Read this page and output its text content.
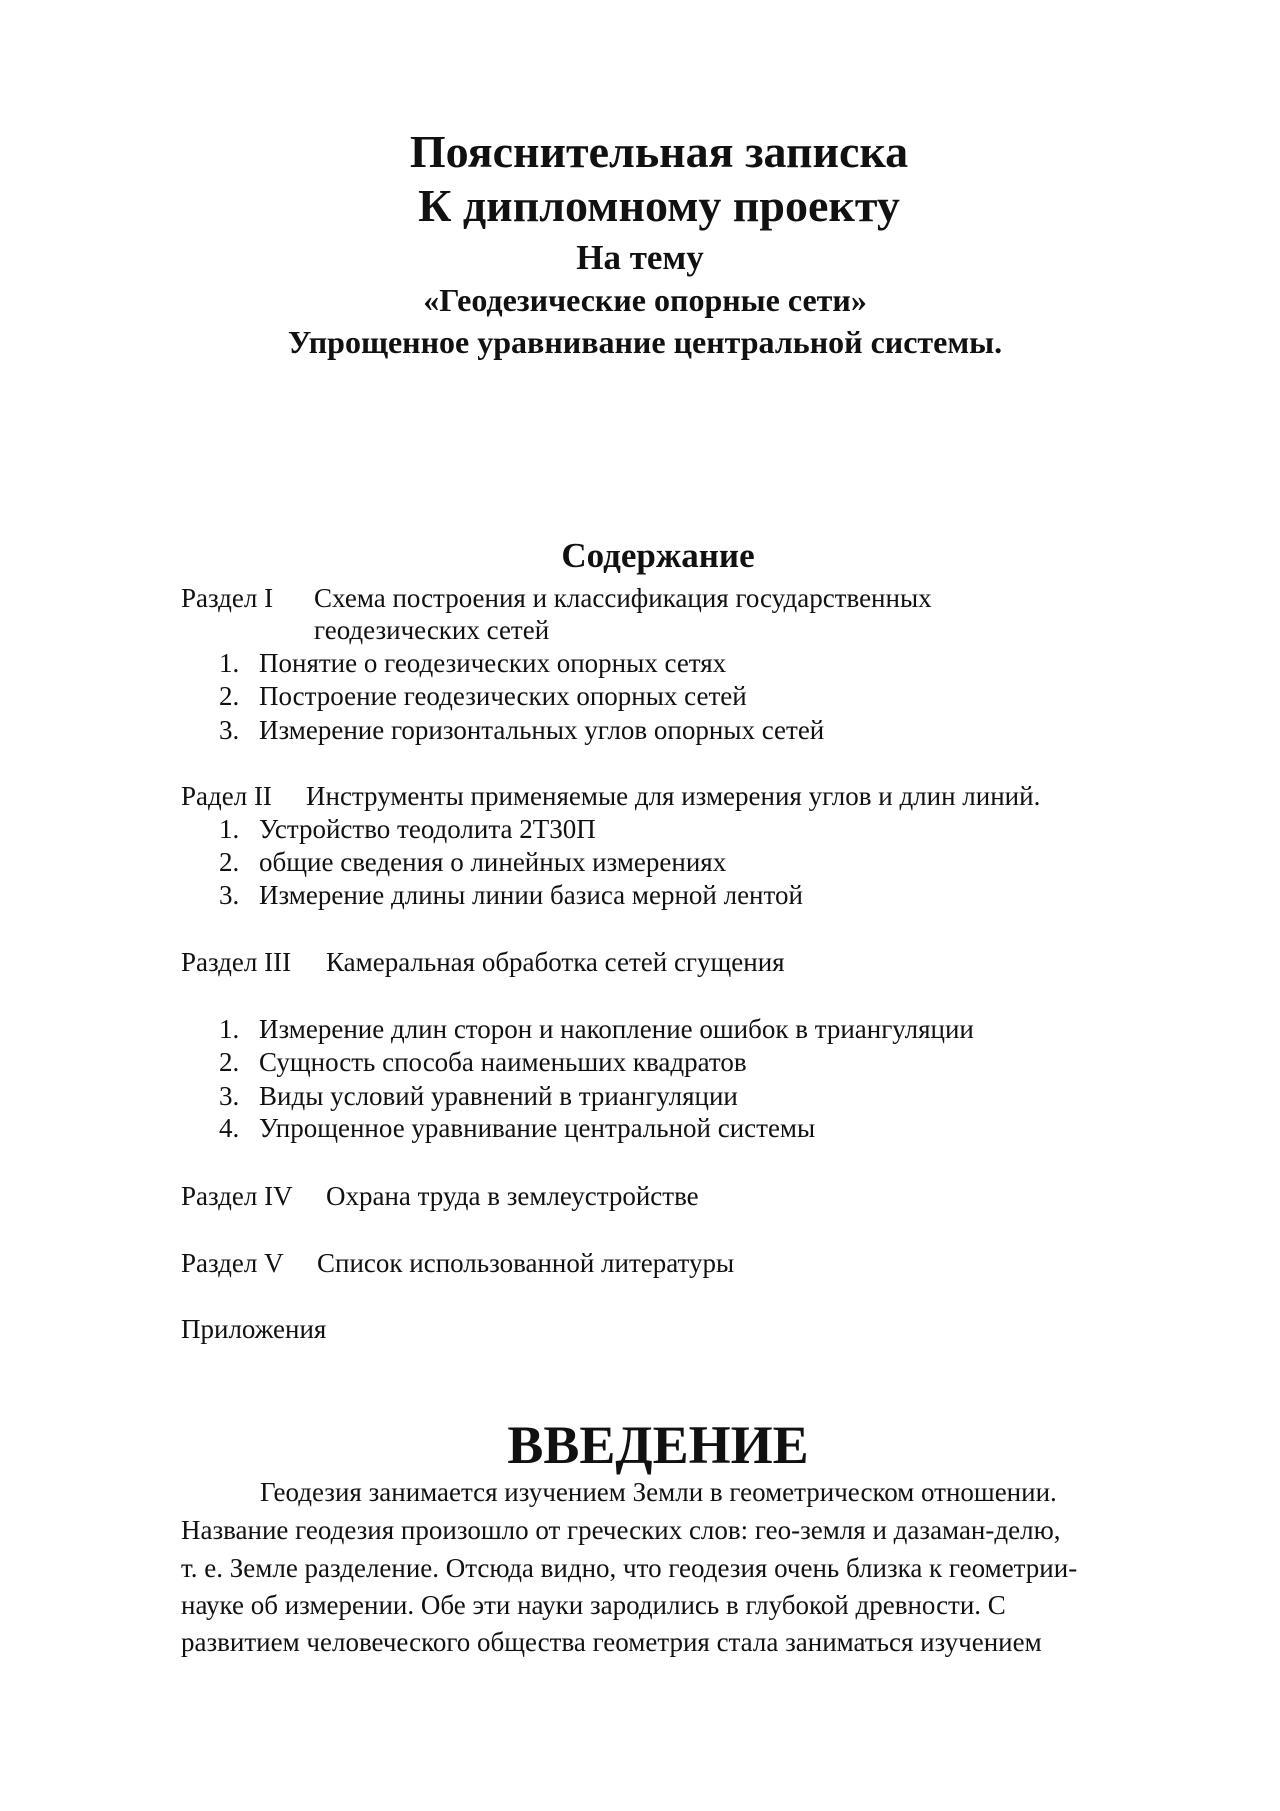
Пояснительная записка
К дипломному проекту
На тему
«Геодезические опорные сети»
Упрощенное уравнивание центральной системы.
Содержание

Раздел I Схема построения и классификация государственных

геодезических сетей

1. Понятие о геодезических опорных сетях

2. Построение геодезических опорных сетей

3. Измерение горизонтальных углов опорных сетей

Радел II Инструменты применяемые для измерения углов и длин линий.

1. Устройство теодолита 2Т30П

2. общие сведения о линейных измерениях

3. Измерение длины линии базиса мерной лентой

Раздел III Камеральная обработка сетей сгущения

1. Измерение длин сторон и накопление ошибок в триангуляции

2. Сущность способа наименьших квадратов

3. Виды условий уравнений в триангуляции

4. Упрощенное уравнивание центральной системы

Раздел IV Охрана труда в землеустройстве

Раздел V Список использованной литературы

Приложения

ВВЕДЕНИЕ

Геодезия занимается изучением Земли в геометрическом отношении.

Название геодезия произошло от греческих слов: гео-земля и дазаман-делю,

т. е. Земле разделение. Отсюда видно, что геодезия очень близка к геометрии-

науке об измерении. Обе эти науки зародились в глубокой древности. С

развитием человеческого общества геометрия стала заниматься изучением
